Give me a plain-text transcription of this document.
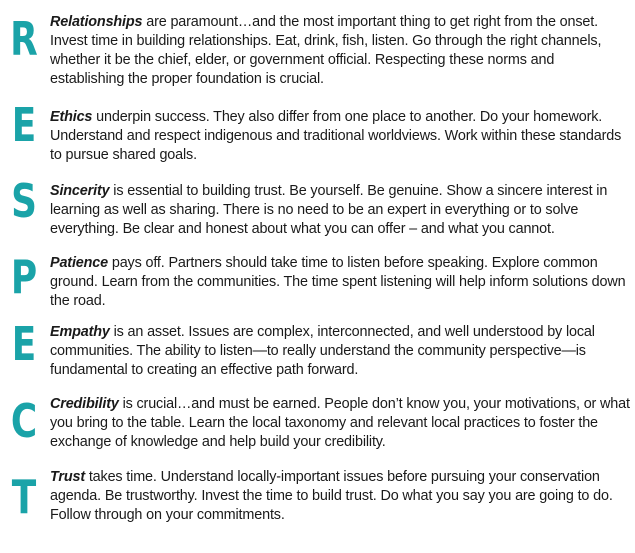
R Relationships are paramount…and the most important thing to get right from the onset. Invest time in building relationships. Eat, drink, fish, listen. Go through the right channels, whether it be the chief, elder, or government official. Respecting these norms and establishing the proper foundation is crucial.

E Ethics underpin success. They also differ from one place to another. Do your homework. Understand and respect indigenous and traditional worldviews. Work within these standards to pursue shared goals.

S Sincerity is essential to building trust. Be yourself. Be genuine. Show a sincere interest in learning as well as sharing. There is no need to be an expert in everything or to solve everything. Be clear and honest about what you can offer – and what you cannot.

P Patience pays off. Partners should take time to listen before speaking. Explore common ground. Learn from the communities. The time spent listening will help inform solutions down the road.

E Empathy is an asset. Issues are complex, interconnected, and well understood by local communities. The ability to listen—to really understand the community perspective—is fundamental to creating an effective path forward.

C Credibility is crucial…and must be earned. People don’t know you, your motivations, or what you bring to the table. Learn the local taxonomy and relevant local practices to foster the exchange of knowledge and help build your credibility.

T Trust takes time. Understand locally-important issues before pursuing your conservation agenda. Be trustworthy. Invest the time to build trust. Do what you say you are going to do. Follow through on your commitments.
